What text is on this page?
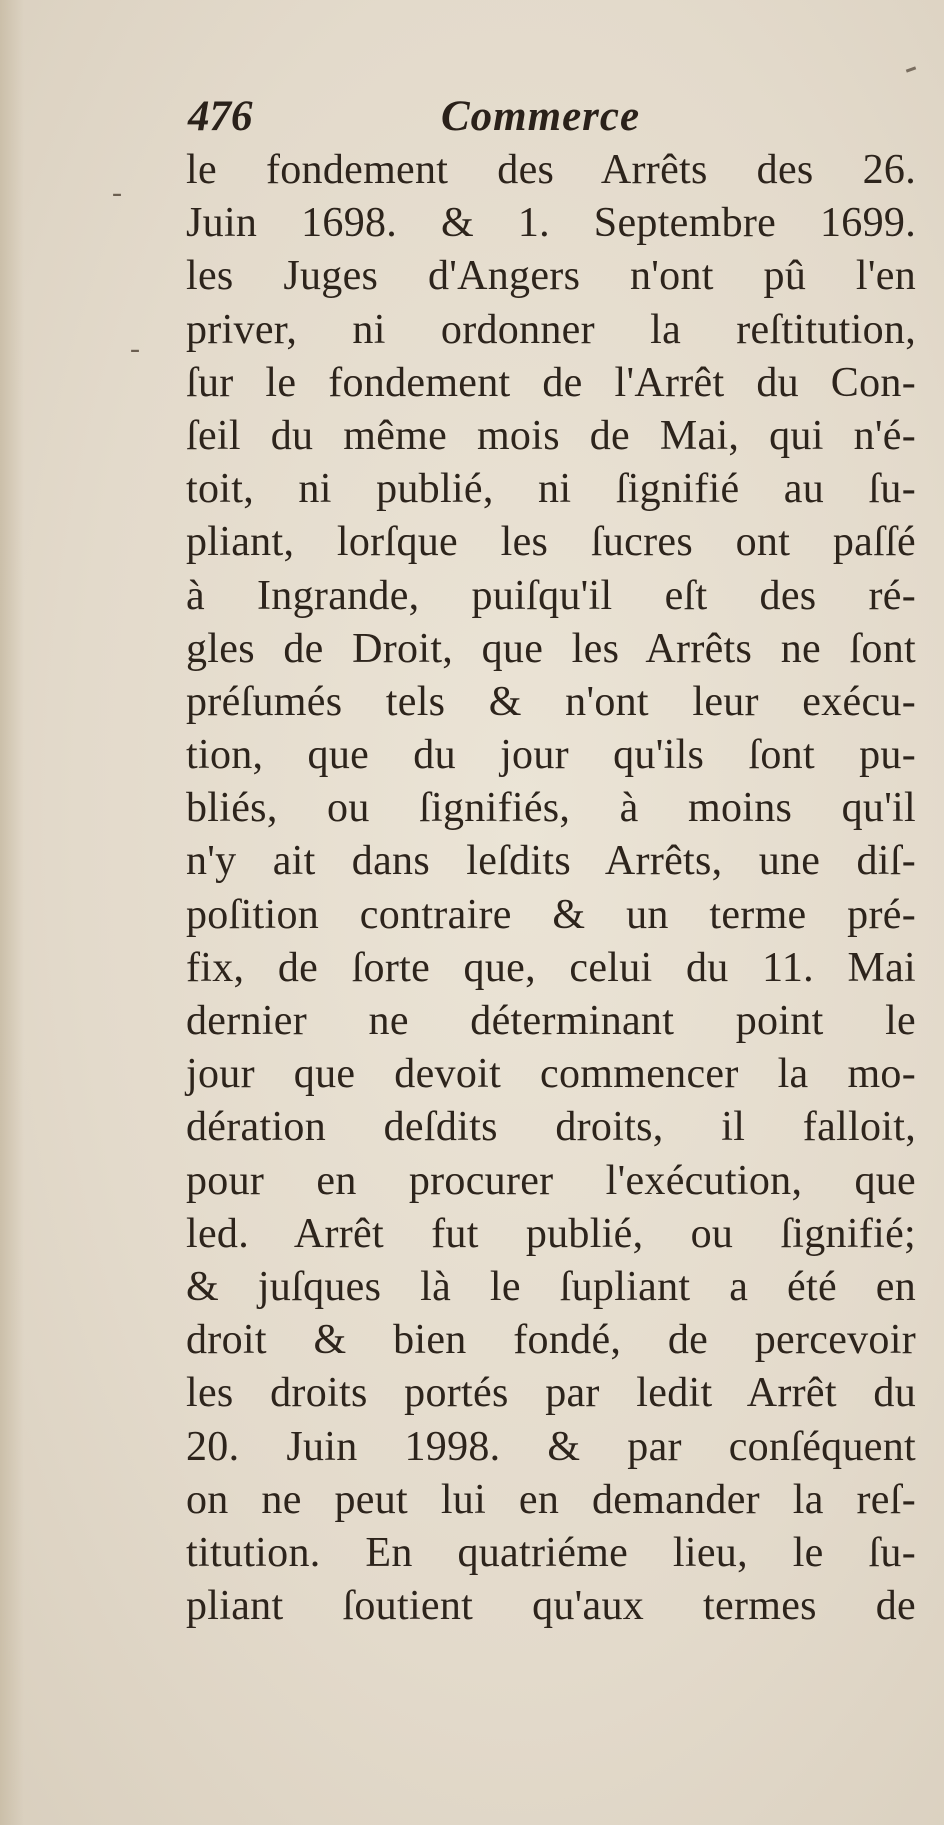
476	Commerce
-
-
le fondement des Arrêts des 26.
Juin 1698. & 1. Septembre 1699.
les Juges d'Angers n'ont pû l'en
priver, ni ordonner la reſtitution,
ſur le fondement de l'Arrêt du Con-
ſeil du même mois de Mai, qui n'é-
toit, ni publié, ni ſignifié au ſu-
pliant, lorſque les ſucres ont paſſé
à Ingrande, puiſqu'il eſt des ré-
gles de Droit, que les Arrêts ne ſont
préſumés tels & n'ont leur exécu-
tion, que du jour qu'ils ſont pu-
bliés, ou ſignifiés, à moins qu'il
n'y ait dans leſdits Arrêts, une diſ-
poſition contraire & un terme pré-
fix, de ſorte que, celui du 11. Mai
dernier ne déterminant point le
jour que devoit commencer la mo-
dération deſdits droits, il falloit,
pour en procurer l'exécution, que
led. Arrêt fut publié, ou ſignifié;
& juſques là le ſupliant a été en
droit & bien fondé, de percevoir
les droits portés par ledit Arrêt du
20. Juin 1998. & par conſéquent
on ne peut lui en demander la reſ-
titution. En quatriéme lieu, le ſu-
pliant ſoutient qu'aux termes de
